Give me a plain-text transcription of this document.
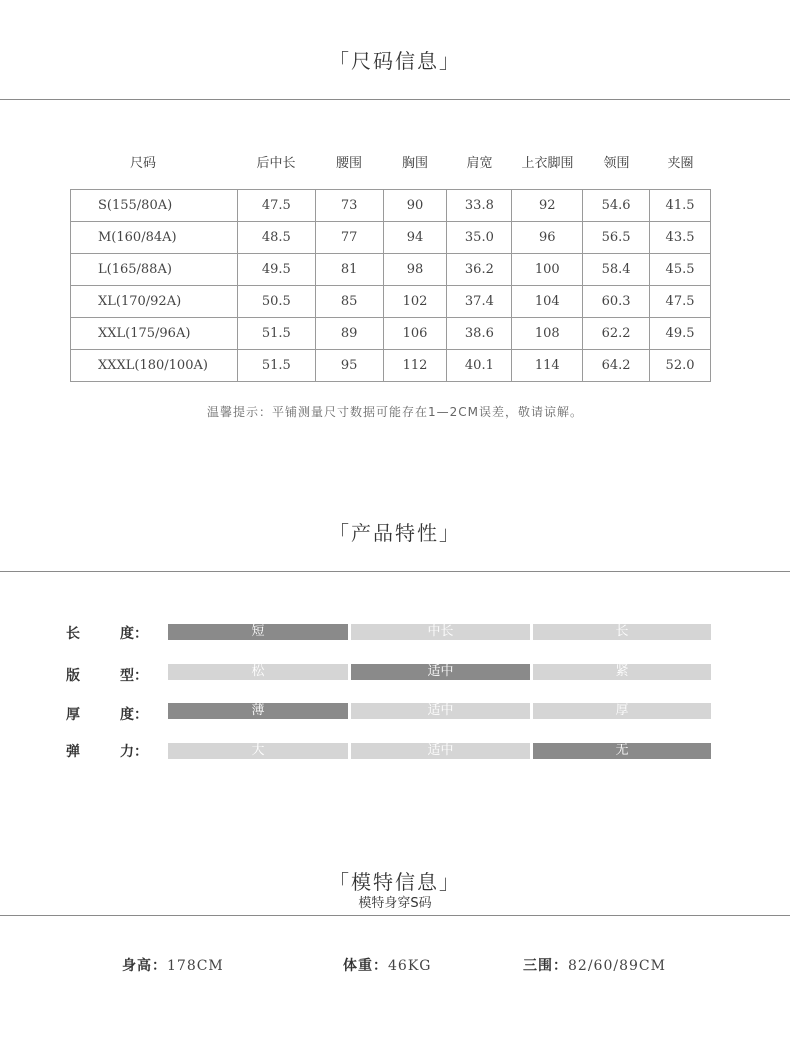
「尺码信息」
尺码	后中长	腰围	胸围	肩宽	上衣脚围	领围	夹圈
S(155/80A)	47.5	73	90	33.8	92	54.6	41.5
M(160/84A)	48.5	77	94	35.0	96	56.5	43.5
L(165/88A)	49.5	81	98	36.2	100	58.4	45.5
XL(170/92A)	50.5	85	102	37.4	104	60.3	47.5
XXL(175/96A)	51.5	89	106	38.6	108	62.2	49.5
XXXL(180/100A)	51.5	95	112	40.1	114	64.2	52.0
温馨提示：平铺测量尺寸数据可能存在1—2CM误差，敬请谅解。
「产品特性」
长	度：	短	中长	长
版	型：	松	适中	紧
厚	度：	薄	适中	厚
弹	力：	大	适中	无
「模特信息」
模特身穿S码
身高：178CM	体重：46KG	三围：82/60/89CM
